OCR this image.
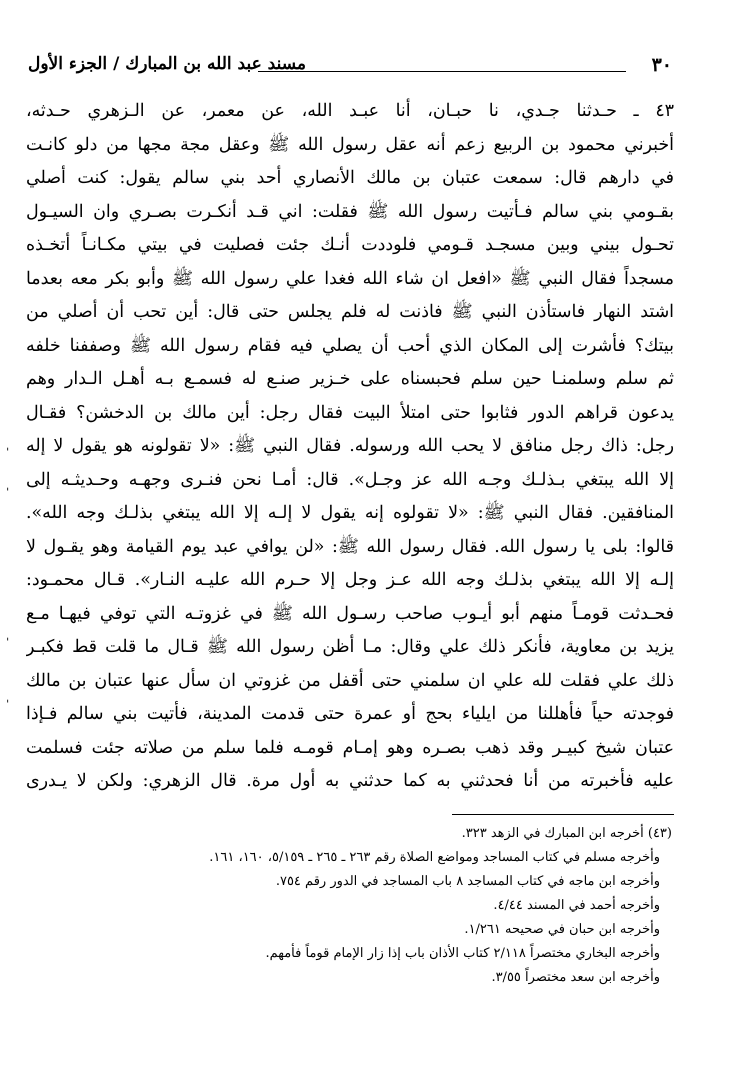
٣٠
مسند عبد الله بن المبارك / الجزء الأول
٤٣ ـ حـدثنا جـدي، نا حبـان، أنا عبـد الله، عن معمر، عن الـزهري حـدثه،
أخبرني محمود بن الربيع زعم أنه عقل رسول الله ﷺ وعقل مجة مجها من دلو كانـت
في دارهم قال: سمعت عتبان بن مالك الأنصاري أحد بني سالم يقول: كنت أصلي
بقـومي بني سالم فـأتيت رسول الله ﷺ فقلت: اني قـد أنكـرت بصـري وان السيـول
تحـول بيني وبين مسجـد قـومي فلوددت أنـك جئت فصليت في بيتي مكـانـاً أتخـذه
مسجداً فقال النبي ﷺ «افعل ان شاء الله فغدا علي رسول الله ﷺ وأبو بكر معه بعدما
اشتد النهار فاستأذن النبي ﷺ فاذنت له فلم يجلس حتى قال: أين تحب أن أصلي من
بيتك؟ فأشرت إلى المكان الذي أحب أن يصلي فيه فقام رسول الله ﷺ وصففنا خلفه
ثم سلم وسلمنـا حين سلم فحبسناه على خـزير صنـع له فسمـع بـه أهـل الـدار وهم
يدعون قراهم الدور فثابوا حتى امتلأ البيت فقال رجل: أين مالك بن الدخشن؟ فقـال
رجل: ذاك رجل منافق لا يحب الله ورسوله. فقال النبي ﷺ: «لا تقولونه هو يقول لا إله
إلا الله يبتغي بـذلـك وجـه الله عز وجـل». قال: أمـا نحن فنـرى وجهـه وحـديثـه إلى
المنافقين. فقال النبي ﷺ: «لا تقولوه إنه يقول لا إلـه إلا الله يبتغي بذلـك وجه الله».
قالوا: بلى يا رسول الله. فقال رسول الله ﷺ: «لن يوافي عبد يوم القيامة وهو يقـول لا
إلـه إلا الله يبتغي بذلـك وجه الله عـز وجل إلا حـرم الله عليـه النـار». قـال محمـود:
فحـدثت قومـاً منهم أبو أيـوب صاحب رسـول الله ﷺ في غزوتـه التي توفي فيهـا مـع
يزيد بن معاوية، فأنكر ذلك علي وقال: مـا أظن رسول الله ﷺ قـال ما قلت قط فكبـر
ذلك علي فقلت لله علي ان سلمني حتى أقفل من غزوتي ان سأل عنها عتبان بن مالك
فوجدته حياً فأهللنا من ايلياء بحج أو عمرة حتى قدمت المدينة، فأتيت بني سالم فـإذا
عتبان شيخ كبيـر وقد ذهب بصـره وهو إمـام قومـه فلما سلم من صلاته جئت فسلمت
عليه فأخبرته من أنا فحدثني به كما حدثني به أول مرة. قال الزهري: ولكن لا يـدرى
(٤٣) أخرجه ابن المبارك في الزهد ٣٢٣.
وأخرجه مسلم في كتاب المساجد ومواضع الصلاة رقم ٢٦٣ ـ ٢٦٥ ـ ٥/١٥٩، ١٦٠، ١٦١.
وأخرجه ابن ماجه في كتاب المساجد ٨ باب المساجد في الدور رقم ٧٥٤.
وأخرجه أحمد في المسند ٤/٤٤.
وأخرجه ابن حبان في صحيحه ١/٢٦١.
وأخرجه البخاري مختصراً ٢/١١٨ كتاب الأذان باب إذا زار الإمام قوماً فأمهم.
وأخرجه ابن سعد مختصراً ٣/٥٥.
ˌ
ˌ
ˌ
ˌ
